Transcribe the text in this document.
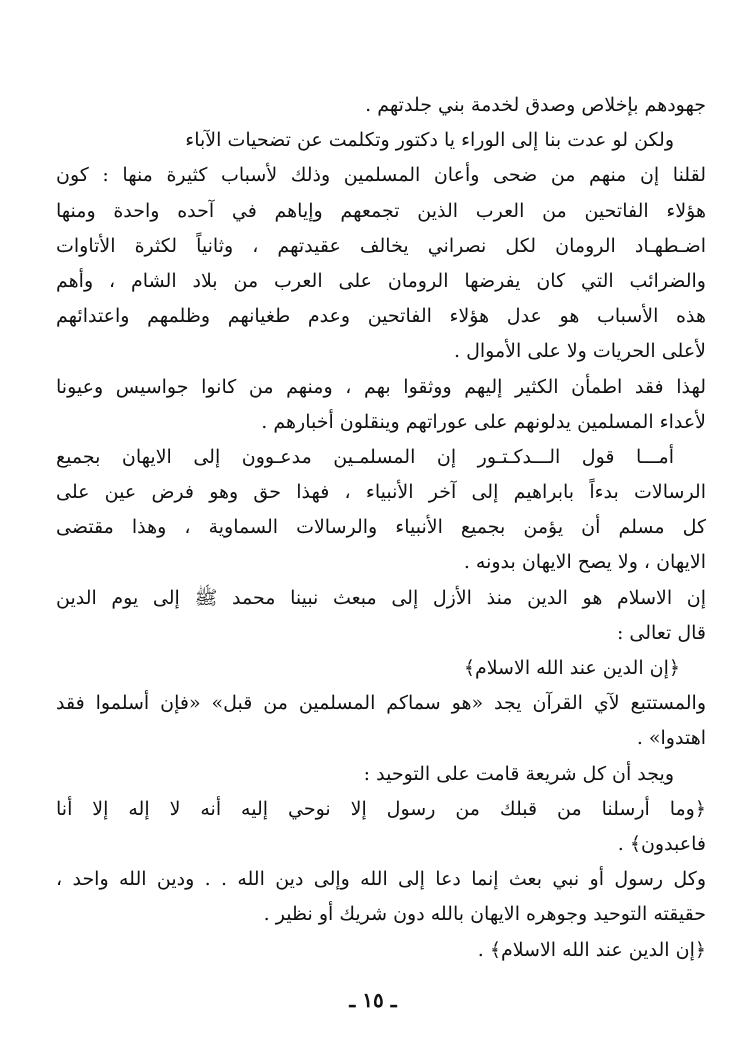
جهودهم بإخلاص وصدق لخدمة بني جلدتهم .
ولكن لو عدت بنا إلى الوراء يا دكتور وتكلمت عن تضحيات الآباء
لقلنا إن منهم من ضحى وأعان المسلمين وذلك لأسباب كثيرة منها : كون
هؤلاء الفاتحين من العرب الذين تجمعهم وإياهم في آحده واحدة ومنها
اضـطهـاد الرومان لكل نصراني يخالف عقيدتهم ، وثانياً لكثرة الأتاوات
والضرائب التي كان يفرضها الرومان على العرب من بلاد الشام ، وأهم
هذه الأسباب هو عدل هؤلاء الفاتحين وعدم طغيانهم وظلمهم واعتدائهم
لأعلى الحريات ولا على الأموال .
لهذا فقد اطمأن الكثير إليهم ووثقوا بهم ، ومنهم من كانوا جواسيس وعيونا
لأعداء المسلمين يدلونهم على عوراتهم وينقلون أخبارهم .
أمـــا قول الـــدكـتـور إن المسلمـين مدعـوون إلى الايهان بجميع
الرسالات بدءاً بابراهيم إلى آخر الأنبياء ، فهذا حق وهو فرض عين على
كل مسلم أن يؤمن بجميع الأنبياء والرسالات السماوية ، وهذا مقتضى
الايهان ، ولا يصح الايهان بدونه .
إن الاسلام هو الدين منذ الأزل إلى مبعث نبينا محمد ﷺ إلى يوم الدين
قال تعالى :
﴿إن الدين عند الله الاسلام﴾
والمستتبع لآي القرآن يجد «هو سماكم المسلمين من قبل» «فإن أسلموا فقد
اهتدوا» .
ويجد أن كل شريعة قامت على التوحيد :
﴿وما أرسلنا من قبلك من رسول إلا نوحي إليه أنه لا إله إلا أنا
فاعبدون﴾ .
وكل رسول أو نبي بعث إنما دعا إلى الله وإلى دين الله . . ودين الله واحد ،
حقيقته التوحيد وجوهره الايهان بالله دون شريك أو نظير .
﴿إن الدين عند الله الاسلام﴾ .
ـ ١٥ ـ
